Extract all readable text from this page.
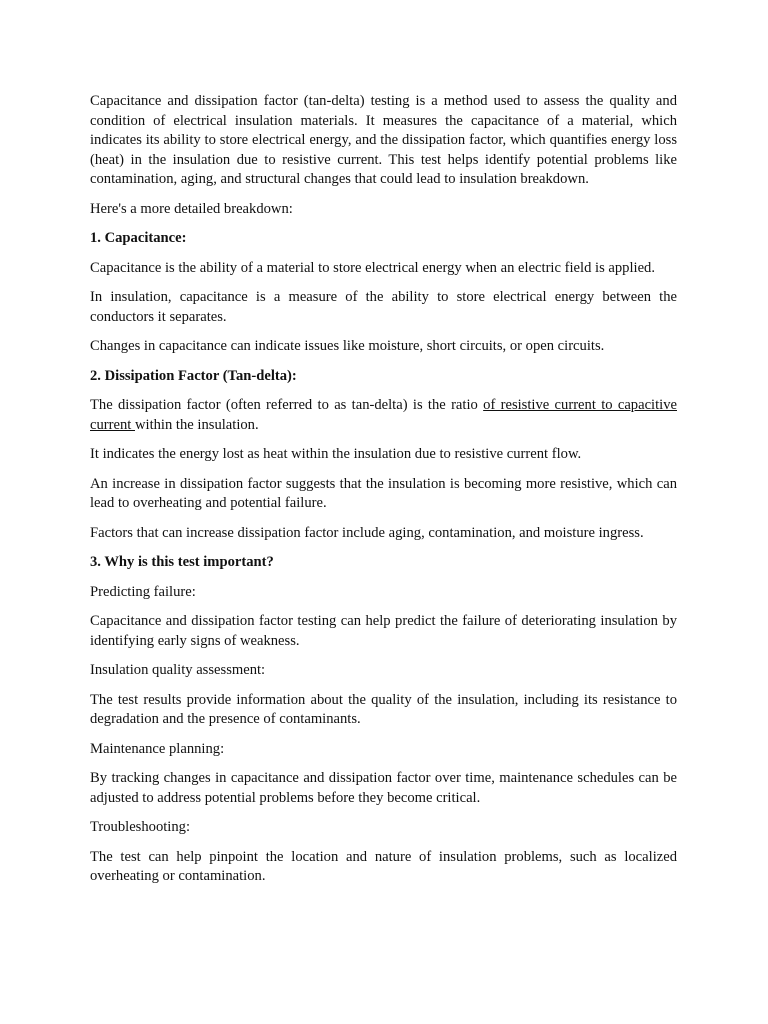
Capacitance and dissipation factor (tan-delta) testing is a method used to assess the quality and condition of electrical insulation materials. It measures the capacitance of a material, which indicates its ability to store electrical energy, and the dissipation factor, which quantifies energy loss (heat) in the insulation due to resistive current. This test helps identify potential problems like contamination, aging, and structural changes that could lead to insulation breakdown.

Here's a more detailed breakdown:

1. Capacitance:

Capacitance is the ability of a material to store electrical energy when an electric field is applied.

In insulation, capacitance is a measure of the ability to store electrical energy between the conductors it separates.

Changes in capacitance can indicate issues like moisture, short circuits, or open circuits.

2. Dissipation Factor (Tan-delta):

The dissipation factor (often referred to as tan-delta) is the ratio of resistive current to capacitive current within the insulation.

It indicates the energy lost as heat within the insulation due to resistive current flow.

An increase in dissipation factor suggests that the insulation is becoming more resistive, which can lead to overheating and potential failure.

Factors that can increase dissipation factor include aging, contamination, and moisture ingress.

3. Why is this test important?

Predicting failure:

Capacitance and dissipation factor testing can help predict the failure of deteriorating insulation by identifying early signs of weakness.

Insulation quality assessment:

The test results provide information about the quality of the insulation, including its resistance to degradation and the presence of contaminants.

Maintenance planning:

By tracking changes in capacitance and dissipation factor over time, maintenance schedules can be adjusted to address potential problems before they become critical.

Troubleshooting:

The test can help pinpoint the location and nature of insulation problems, such as localized overheating or contamination.
